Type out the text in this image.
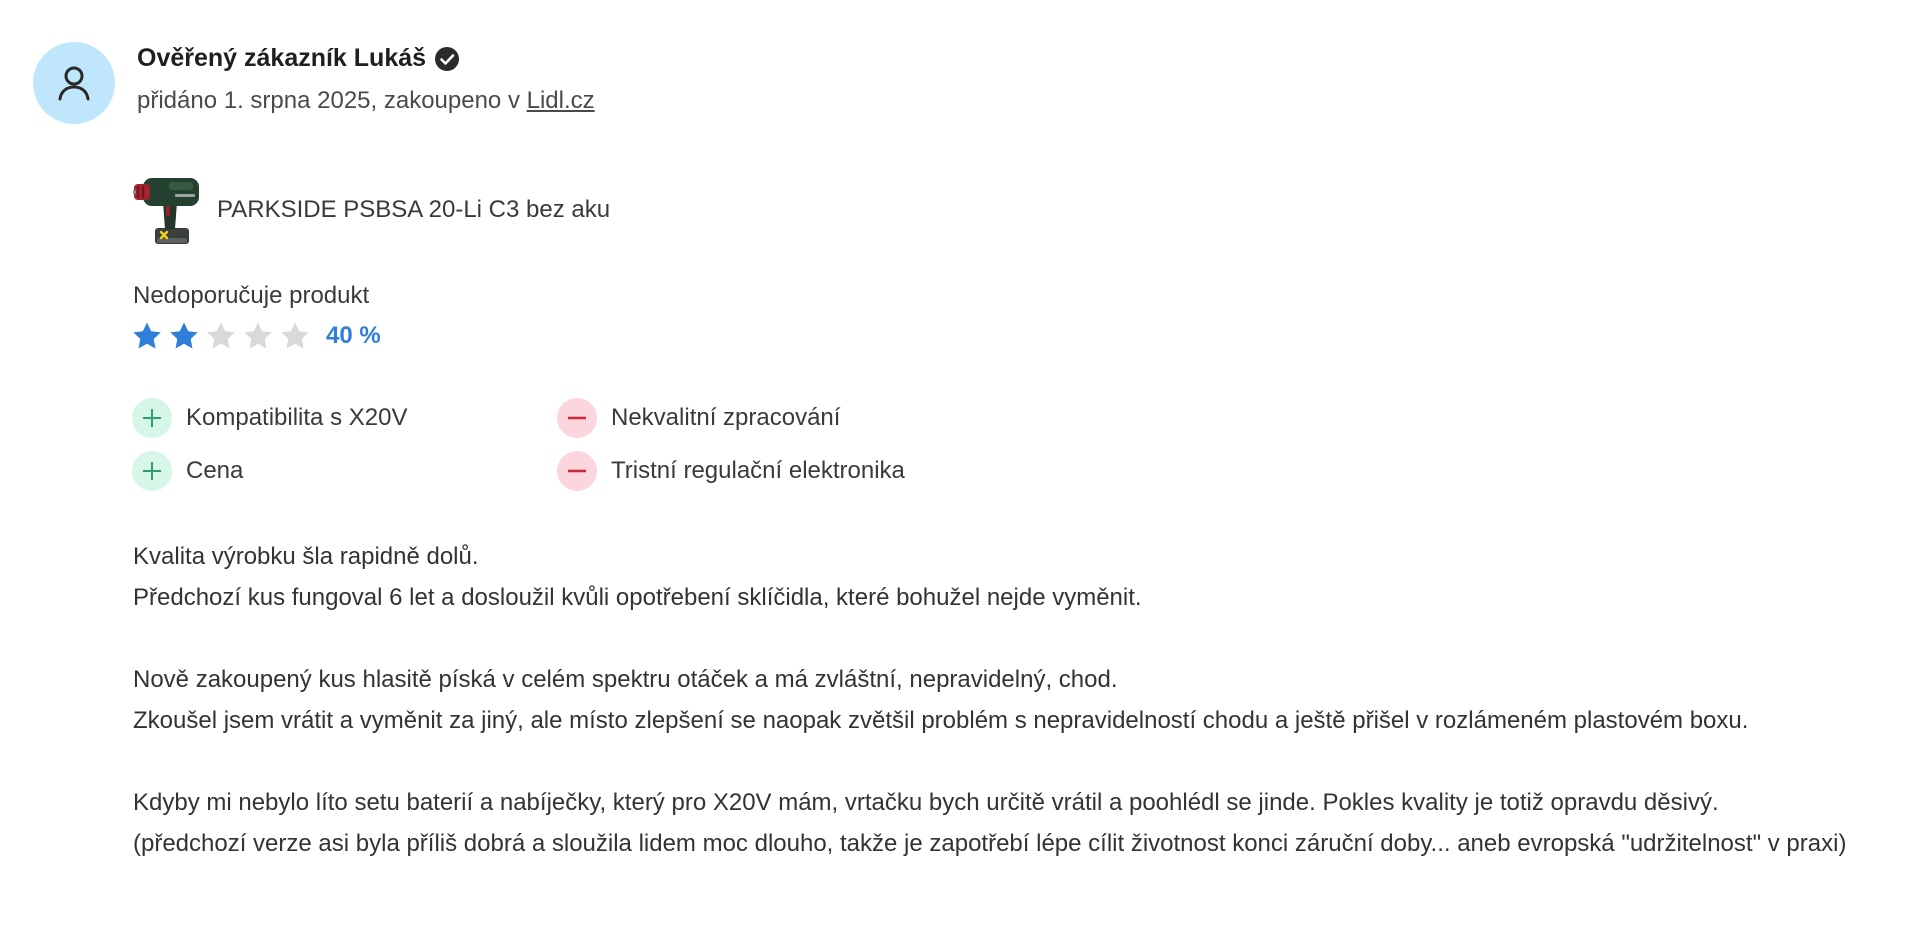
Ověřený zákazník Lukáš
přidáno 1. srpna 2025, zakoupeno v Lidl.cz
PARKSIDE PSBSA 20-Li C3 bez aku
Nedoporučuje produkt
40 %
Kompatibilita s X20V
Cena
Nekvalitní zpracování
Tristní regulační elektronika

Kvalita výrobku šla rapidně dolů.

Předchozí kus fungoval 6 let a dosloužil kvůli opotřebení sklíčidla, které bohužel nejde vyměnit.

Nově zakoupený kus hlasitě píská v celém spektru otáček a má zvláštní, nepravidelný, chod.

Zkoušel jsem vrátit a vyměnit za jiný, ale místo zlepšení se naopak zvětšil problém s nepravidelností chodu a ještě přišel v rozlámeném plastovém boxu.

Kdyby mi nebylo líto setu baterií a nabíječky, který pro X20V mám, vrtačku bych určitě vrátil a poohlédl se jinde. Pokles kvality je totiž opravdu děsivý.

(předchozí verze asi byla příliš dobrá a sloužila lidem moc dlouho, takže je zapotřebí lépe cílit životnost konci záruční doby... aneb evropská "udržitelnost" v praxi)
